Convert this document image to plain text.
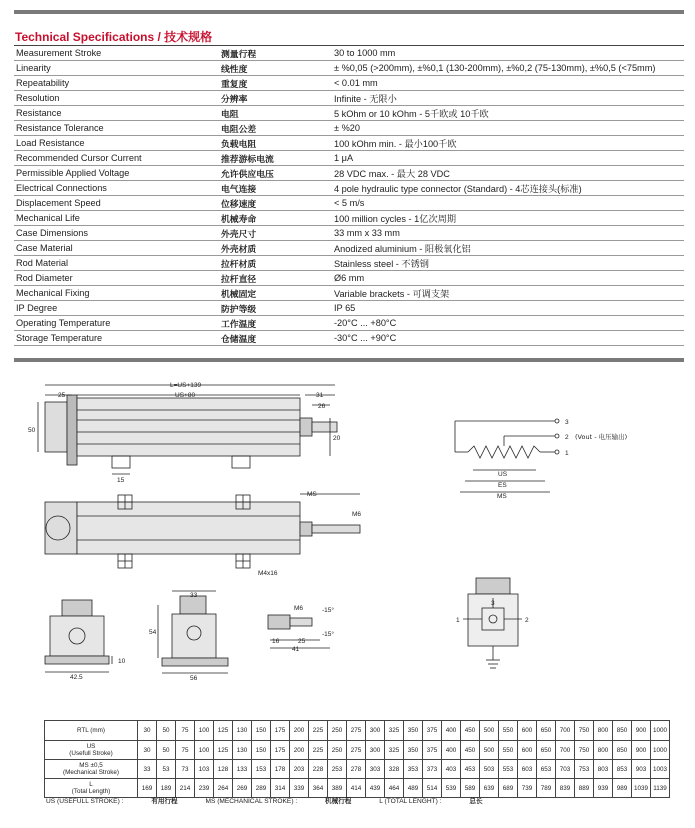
Technical Specifications / 技术规格
Measurement Stroke	测量行程	30 to 1000 mm
Linearity	线性度	± %0,05 (>200mm), ±%0,1 (130-200mm), ±%0,2 (75-130mm), ±%0,5 (<75mm)
Repeatability	重复度	< 0.01 mm
Resolution	分辨率	Infinite - 无限小
Resistance	电阻	5 kOhm or 10 kOhm - 5千欧或 10千欧
Resistance Tolerance	电阻公差	± %20
Load Resistance	负载电阻	100 kOhm min. - 最小100千欧
Recommended Cursor Current	推荐游标电流	1 μA
Permissible Applied Voltage	允许供应电压	28 VDC max. - 最大 28 VDC
Electrical Connections	电气连接	4 pole hydraulic type connector (Standard) - 4芯连接头(标准)
Displacement Speed	位移速度	< 5 m/s
Mechanical Life	机械寿命	100 million cycles - 1亿次周期
Case Dimensions	外壳尺寸	33 mm x 33 mm
Case Material	外壳材质	Anodized aluminium - 阳极氧化铝
Rod Material	拉杆材质	Stainless steel - 不锈钢
Rod Diameter	拉杆直径	Ø6 mm
Mechanical Fixing	机械固定	Variable brackets - 可调支架
IP Degree	防护等级	IP 65
Operating Temperature	工作温度	-20°C ... +80°C
Storage Temperature	仓储温度	-30°C ... +90°C
L=US+139
25	US+80	31
26
50
20
15
MS
M6
M4x16
33
54
10
42.5	56
M6	-15°
-15°
16	25
41
3
2 (Vout - 电压输出)
1
US
ES
MS
3
1	2
RTL (mm)	30	50	75	100	125	130	150	175	200	225	250	275	300	325	350	375	400	450	500	550	600	650	700	750	800	850	900	1000

US
(Usefull Stroke)	30	50	75	100	125	130	150	175	200	225	250	275	300	325	350	375	400	450	500	550	600	650	700	750	800	850	900	1000

MS ±0,5
(Mechanical Stroke)	33	53	73	103	128	133	153	178	203	228	253	278	303	328	353	373	403	453	503	553	603	653	703	753	803	853	903	1003

L
(Total Length)	169	189	214	239	264	269	289	314	339	364	389	414	439	464	489	514	539	589	639	689	739	789	839	889	939	989	1039	1139
US (USEFULL STROKE) :	有用行程	MS (MECHANICAL STROKE) :	机械行程	L (TOTAL LENGHT) :	总长
